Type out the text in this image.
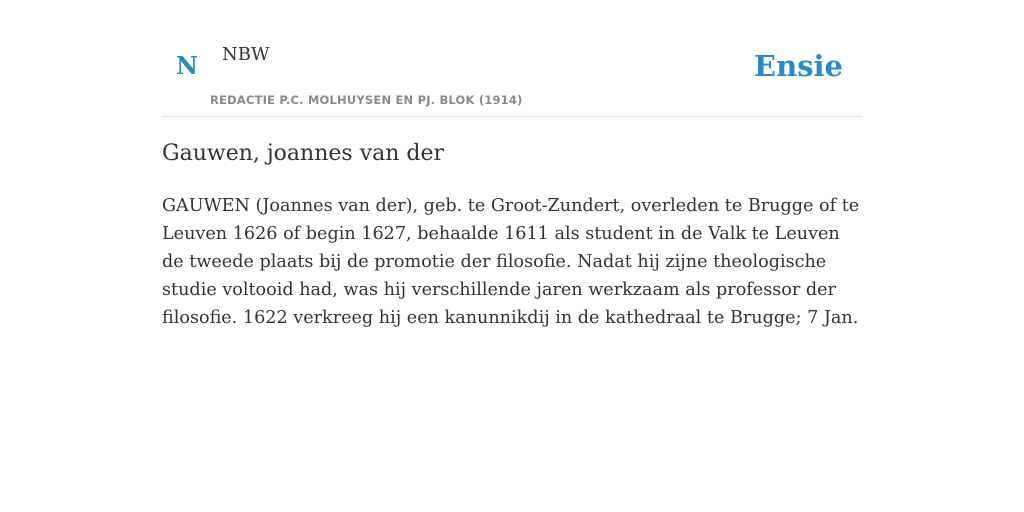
N NBW
REDACTIE P.C. MOLHUYSEN EN PJ. BLOK (1914)
Ensie
Gauwen, joannes van der

GAUWEN (Joannes van der), geb. te Groot-Zundert, overleden te Brugge of te Leuven 1626 of begin 1627, behaalde 1611 als student in de Valk te Leuven de tweede plaats bij de promotie der filosofie. Nadat hij zijne theologische studie voltooid had, was hij verschillende jaren werkzaam als professor der filosofie. 1622 verkreeg hij een kanunnikdij in de kathedraal te Brugge; 7 Jan.
